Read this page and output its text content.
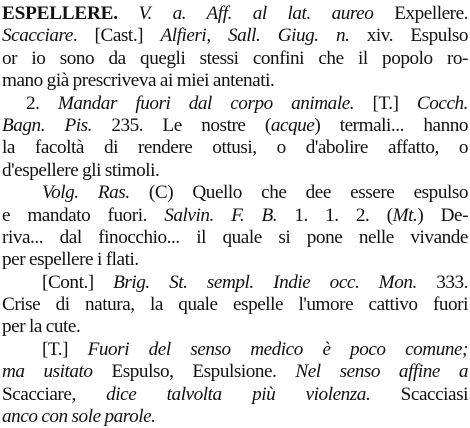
ESPELLERE. V. a. Aff. al lat. aureo Expellere.
Scacciare. [Cast.] Alfieri, Sall. Giug. n. xiv. Espulso
or io sono da quegli stessi confini che il popolo ro-
mano già prescriveva ai miei antenati.
2. Mandar fuori dal corpo animale. [T.] Cocch.
Bagn. Pis. 235. Le nostre (acque) termali... hanno
la facoltà di rendere ottusi, o d'abolire affatto, o
d'espellere gli stimoli.
Volg. Ras. (C) Quello che dee essere espulso
e mandato fuori. Salvin. F. B. 1. 1. 2. (Mt.) De-
riva... dal finocchio... il quale si pone nelle vivande
per espellere i flati.
[Cont.] Brig. St. sempl. Indie occ. Mon. 333.
Crise di natura, la quale espelle l'umore cattivo fuori
per la cute.
[T.] Fuori del senso medico è poco comune;
ma usitato Espulso, Espulsione. Nel senso affine a
Scacciare, dice talvolta più violenza. Scacciasi
anco con sole parole.
